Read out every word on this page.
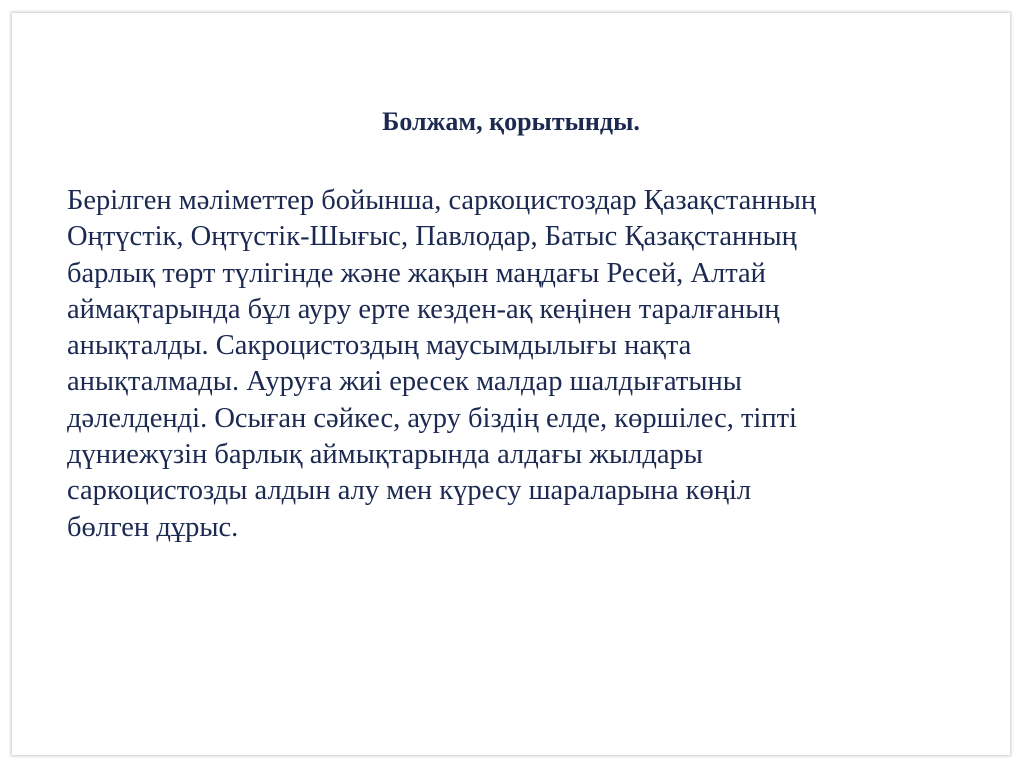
Болжам, қорытынды.
Берілген мәліметтер бойынша, саркоцистоздар Қазақстанның
Оңтүстік, Оңтүстік-Шығыс, Павлодар, Батыс Қазақстанның
барлық төрт түлігінде және жақын маңдағы Ресей, Алтай
аймақтарында бұл ауру ерте кезден-ақ кеңінен таралғаның
анықталды. Сакроцистоздың маусымдылығы нақта
анықталмады. Ауруға жиі ересек малдар шалдығатыны
дәлелденді. Осыған сәйкес, ауру біздің елде, көршілес, тіпті
дүниежүзін барлық аймықтарында алдағы жылдары
саркоцистозды алдын алу мен күресу шараларына көңіл
бөлген дұрыс.
